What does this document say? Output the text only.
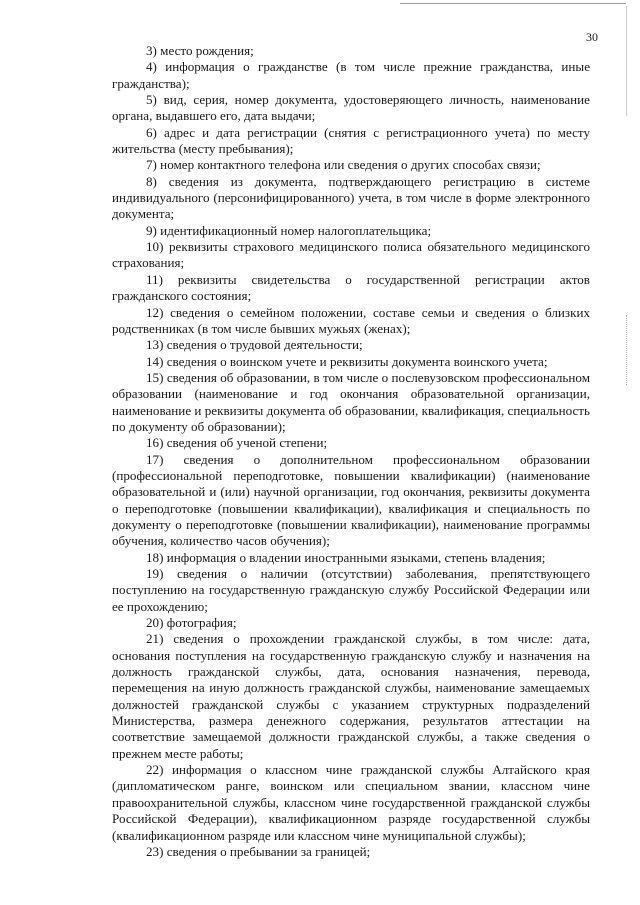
30

3) место рождения;

4) информация о гражданстве (в том числе прежние гражданства, иные гражданства);

5) вид, серия, номер документа, удостоверяющего личность, наименование органа, выдавшего его, дата выдачи;

6) адрес и дата регистрации (снятия с регистрационного учета) по месту жительства (месту пребывания);

7) номер контактного телефона или сведения о других способах связи;

8) сведения из документа, подтверждающего регистрацию в системе индивидуального (персонифицированного) учета, в том числе в форме электронного документа;

9) идентификационный номер налогоплательщика;

10) реквизиты страхового медицинского полиса обязательного медицинского страхования;

11) реквизиты свидетельства о государственной регистрации актов гражданского состояния;

12) сведения о семейном положении, составе семьи и сведения о близких родственниках (в том числе бывших мужьях (женах);

13) сведения о трудовой деятельности;

14) сведения о воинском учете и реквизиты документа воинского учета;

15) сведения об образовании, в том числе о послевузовском профессиональном образовании (наименование и год окончания образовательной организации, наименование и реквизиты документа об образовании, квалификация, специальность по документу об образовании);

16) сведения об ученой степени;

17) сведения о дополнительном профессиональном образовании (профессиональной переподготовке, повышении квалификации) (наименование образовательной и (или) научной организации, год окончания, реквизиты документа о переподготовке (повышении квалификации), квалификация и специальность по документу о переподготовке (повышении квалификации), наименование программы обучения, количество часов обучения);

18) информация о владении иностранными языками, степень владения;

19) сведения о наличии (отсутствии) заболевания, препятствующего поступлению на государственную гражданскую службу Российской Федерации или ее прохождению;

20) фотография;

21) сведения о прохождении гражданской службы, в том числе: дата, основания поступления на государственную гражданскую службу и назначения на должность гражданской службы, дата, основания назначения, перевода, перемещения на иную должность гражданской службы, наименование замещаемых должностей гражданской службы с указанием структурных подразделений Министерства, размера денежного содержания, результатов аттестации на соответствие замещаемой должности гражданской службы, а также сведения о прежнем месте работы;

22) информация о классном чине гражданской службы Алтайского края (дипломатическом ранге, воинском или специальном звании, классном чине правоохранительной службы, классном чине государственной гражданской службы Российской Федерации), квалификационном разряде государственной службы (квалификационном разряде или классном чине муниципальной службы);

23) сведения о пребывании за границей;
